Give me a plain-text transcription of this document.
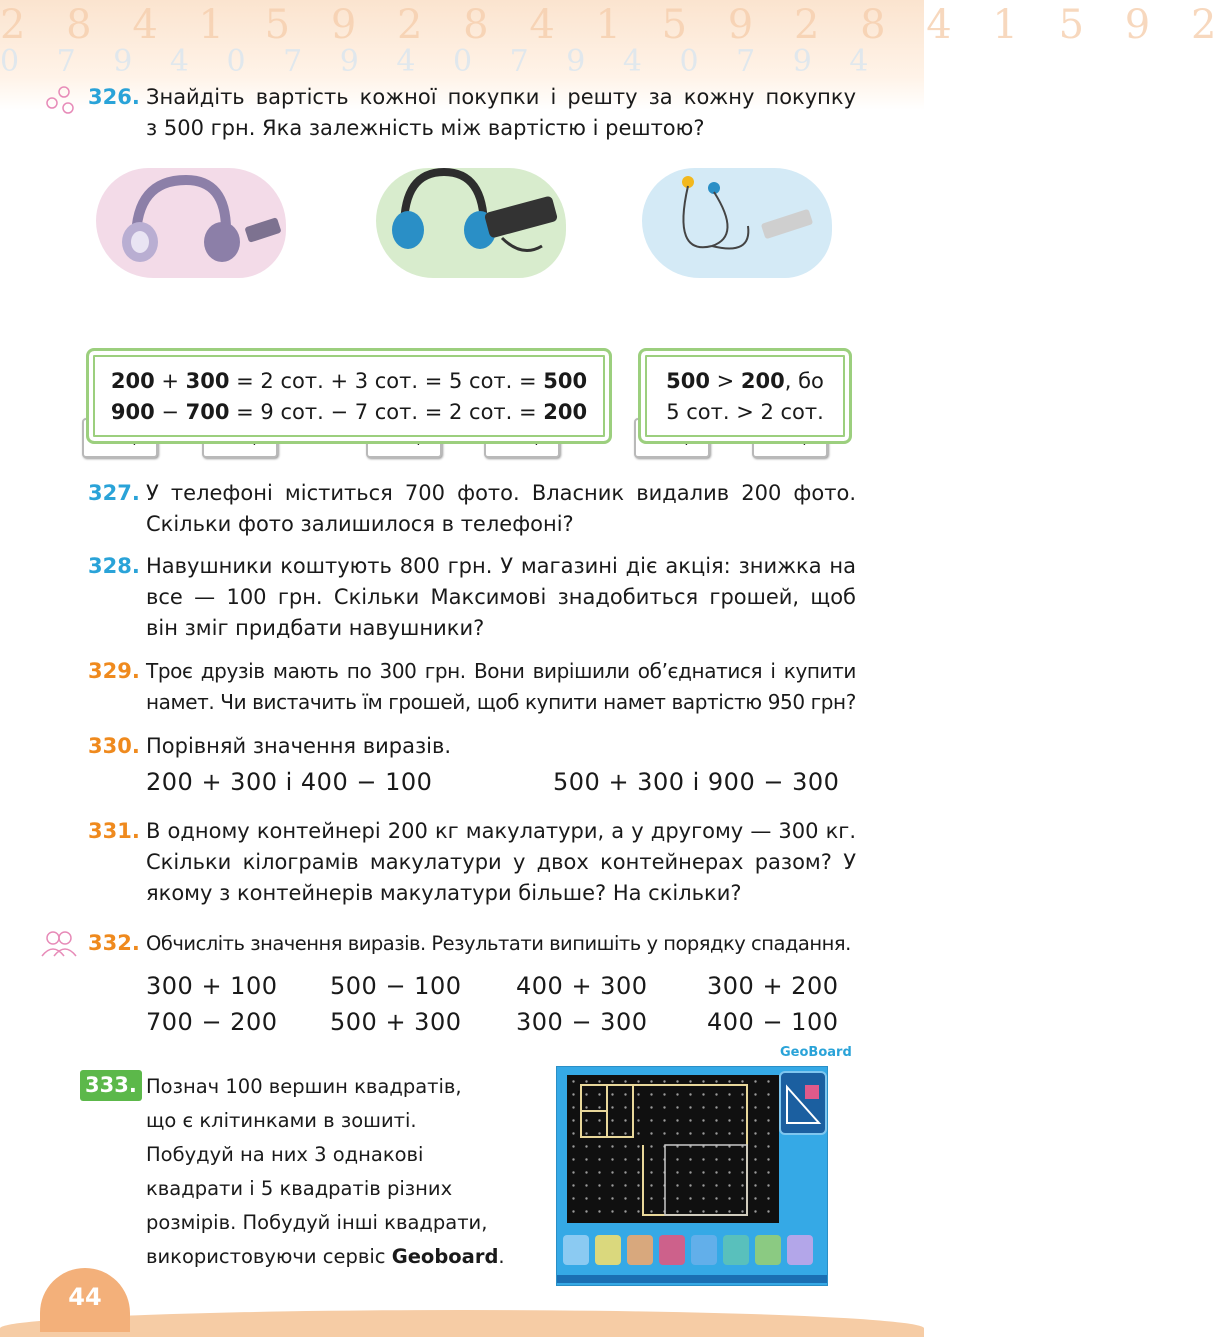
2 8 4 1 5 9 2 8 4 1 5 9 2 8 4 1 5 9 2
0 7 9 4 0 7 9 4 0 7 9 4 0 7 9 4
326. Знайдіть вартість кожної покупки і решту за кожну покупку
з 500 грн. Яка залежність між вартістю і рештою?
200 + 300 = 2 сот. + 3 сот. = 5 сот. = 500
900 − 700 = 9 сот. − 7 сот. = 2 сот. = 200
500 > 200, бо
5 сот. > 2 сот.
327. У телефоні міститься 700 фото. Власник видалив 200 фото. Скільки фото залишилося в телефоні?
328. Навушники коштують 800 грн. У магазині діє акція: знижка на все — 100 грн. Скільки Максимові знадобиться грошей, щоб він зміг придбати навушники?
329. Троє друзів мають по 300 грн. Вони вирішили об’єднатися і купити намет. Чи вистачить їм грошей, щоб купити намет вартістю 950 грн?
330. Порівняй значення виразів.
200 + 300 і 400 − 100	500 + 300 і 900 − 300
331. В одному контейнері 200 кг макулатури, а у другому — 300 кг. Скільки кілограмів макулатури у двох контейнерах разом? У якому з контейнерів макулатури більше? На скільки?
332. Обчисліть значення виразів. Результати випишіть у порядку спадання.
300 + 100 500 − 100 400 + 300 300 + 200
700 − 200 500 + 300 300 − 300 400 − 100
333. Познач 100 вершин квадратів,
що є клітинками в зошиті.
Побудуй на них 3 однакові
квадрати і 5 квадратів різних
розмірів. Побудуй інші квадрати,
використовуючи сервіс Geoboard.
GeoBoard
44
